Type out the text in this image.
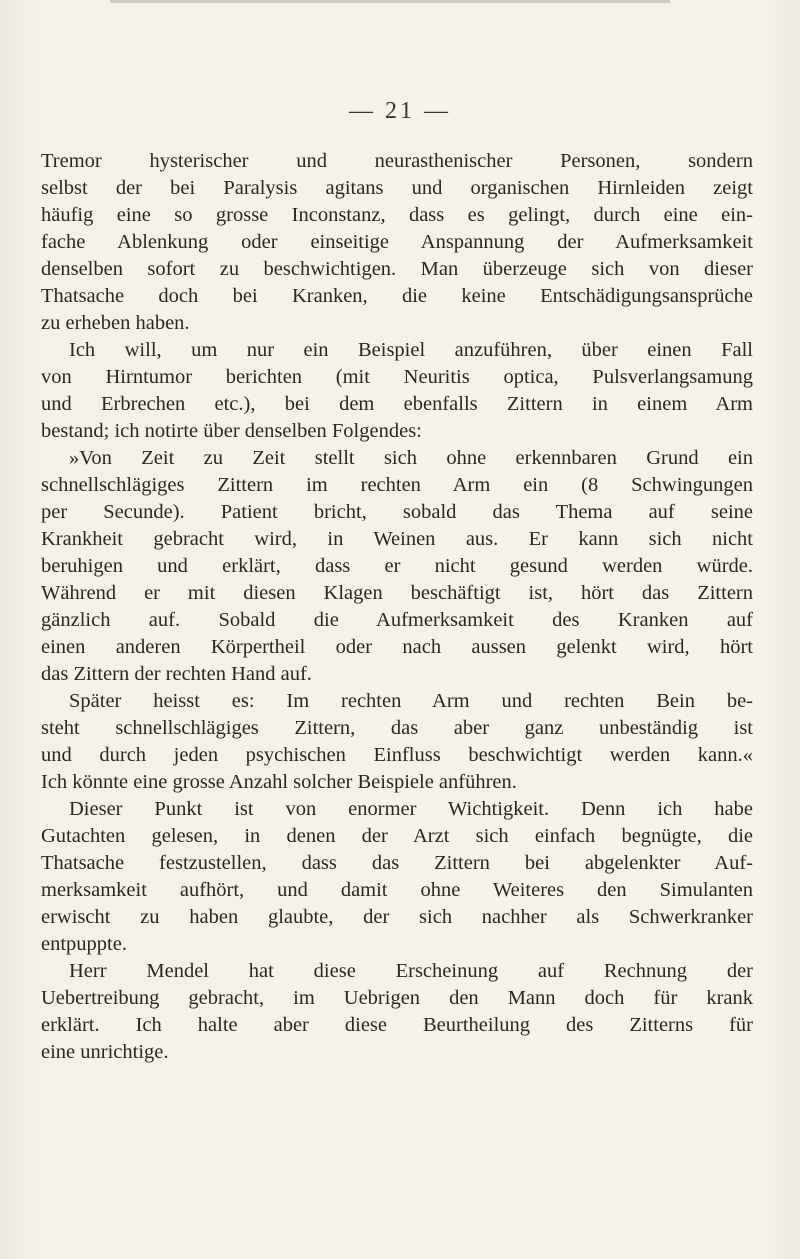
— 21 —
Tremor hysterischer und neurasthenischer Personen, sondern
selbst der bei Paralysis agitans und organischen Hirnleiden zeigt
häufig eine so grosse Inconstanz, dass es gelingt, durch eine ein-
fache Ablenkung oder einseitige Anspannung der Aufmerksamkeit
denselben sofort zu beschwichtigen. Man überzeuge sich von dieser
Thatsache doch bei Kranken, die keine Entschädigungsansprüche
zu erheben haben.
Ich will, um nur ein Beispiel anzuführen, über einen Fall
von Hirntumor berichten (mit Neuritis optica, Pulsverlangsamung
und Erbrechen etc.), bei dem ebenfalls Zittern in einem Arm
bestand; ich notirte über denselben Folgendes:
»Von Zeit zu Zeit stellt sich ohne erkennbaren Grund ein
schnellschlägiges Zittern im rechten Arm ein (8 Schwingungen
per Secunde). Patient bricht, sobald das Thema auf seine
Krankheit gebracht wird, in Weinen aus. Er kann sich nicht
beruhigen und erklärt, dass er nicht gesund werden würde.
Während er mit diesen Klagen beschäftigt ist, hört das Zittern
gänzlich auf. Sobald die Aufmerksamkeit des Kranken auf
einen anderen Körpertheil oder nach aussen gelenkt wird, hört
das Zittern der rechten Hand auf.
Später heisst es: Im rechten Arm und rechten Bein be-
steht schnellschlägiges Zittern, das aber ganz unbeständig ist
und durch jeden psychischen Einfluss beschwichtigt werden kann.«
Ich könnte eine grosse Anzahl solcher Beispiele anführen.
Dieser Punkt ist von enormer Wichtigkeit. Denn ich habe
Gutachten gelesen, in denen der Arzt sich einfach begnügte, die
Thatsache festzustellen, dass das Zittern bei abgelenkter Auf-
merksamkeit aufhört, und damit ohne Weiteres den Simulanten
erwischt zu haben glaubte, der sich nachher als Schwerkranker
entpuppte.
Herr Mendel hat diese Erscheinung auf Rechnung der
Uebertreibung gebracht, im Uebrigen den Mann doch für krank
erklärt. Ich halte aber diese Beurtheilung des Zitterns für
eine unrichtige.
